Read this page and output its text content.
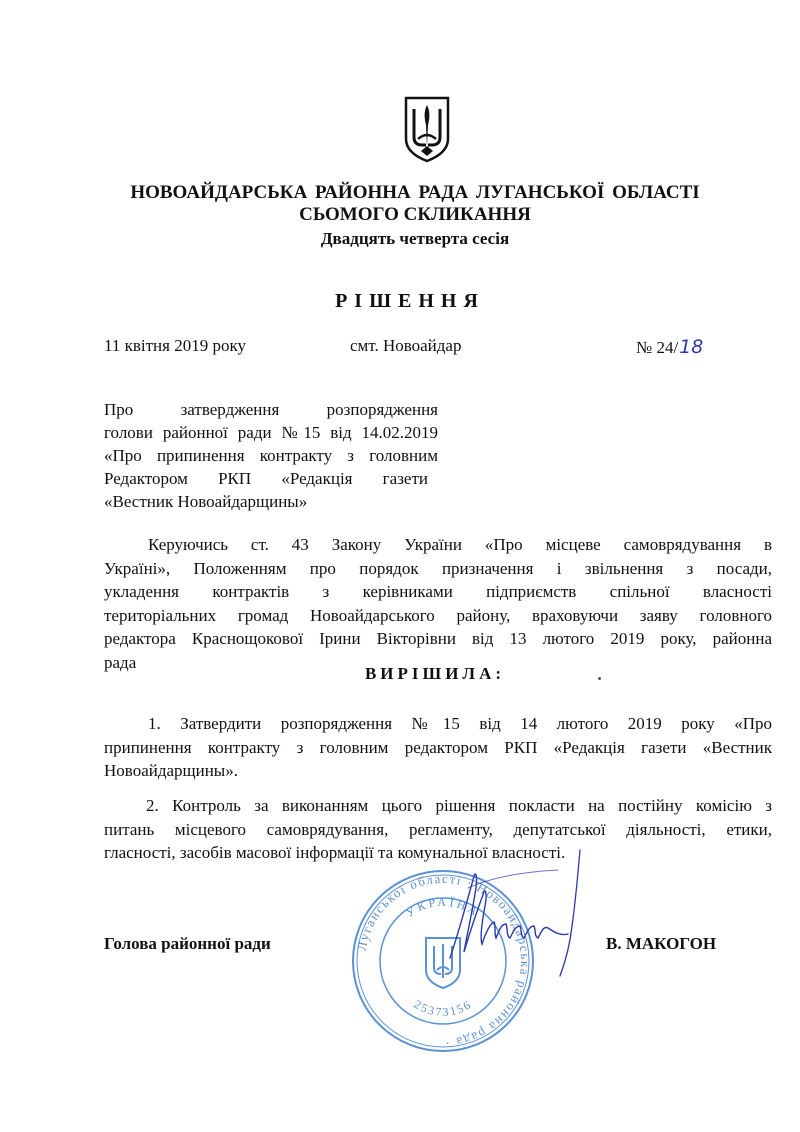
НОВОАЙДАРСЬКА РАЙОННА РАДА ЛУГАНСЬКОЇ ОБЛАСТІ
СЬОМОГО СКЛИКАННЯ
Двадцять четверта сесія
РІШЕННЯ
11 квітня 2019 року	смт. Новоайдар	№ 24/18
Про затвердження розпорядження
голови районної ради №15 від 14.02.2019
«Про припинення контракту з головним
Редактором РКП «Редакція газети
«Вестник Новоайдарщины»
Керуючись ст. 43 Закону України «Про місцеве самоврядування в
Україні», Положенням про порядок призначення і звільнення з посади,
укладення контрактів з керівниками підприємств спільної власності
територіальних громад Новоайдарського району, враховуючи заяву головного
редактора Краснощокової Ірини Вікторівни від 13 лютого 2019 року, районна
рада
ВИРІШИЛА:
1. Затвердити розпорядження №15 від 14 лютого 2019 року «Про
припинення контракту з головним редактором РКП «Редакція газети «Вестник
Новоайдарщины».
2. Контроль за виконанням цього рішення покласти на постійну комісію з
питань місцевого самоврядування, регламенту, депутатської діяльності, етики,
гласності, засобів масової інформації та комунальної власності.
Луганської області · Новоайдарська районна рада ·
УКРАЇНА
25373156
Голова районної ради	В. МАКОГОН
